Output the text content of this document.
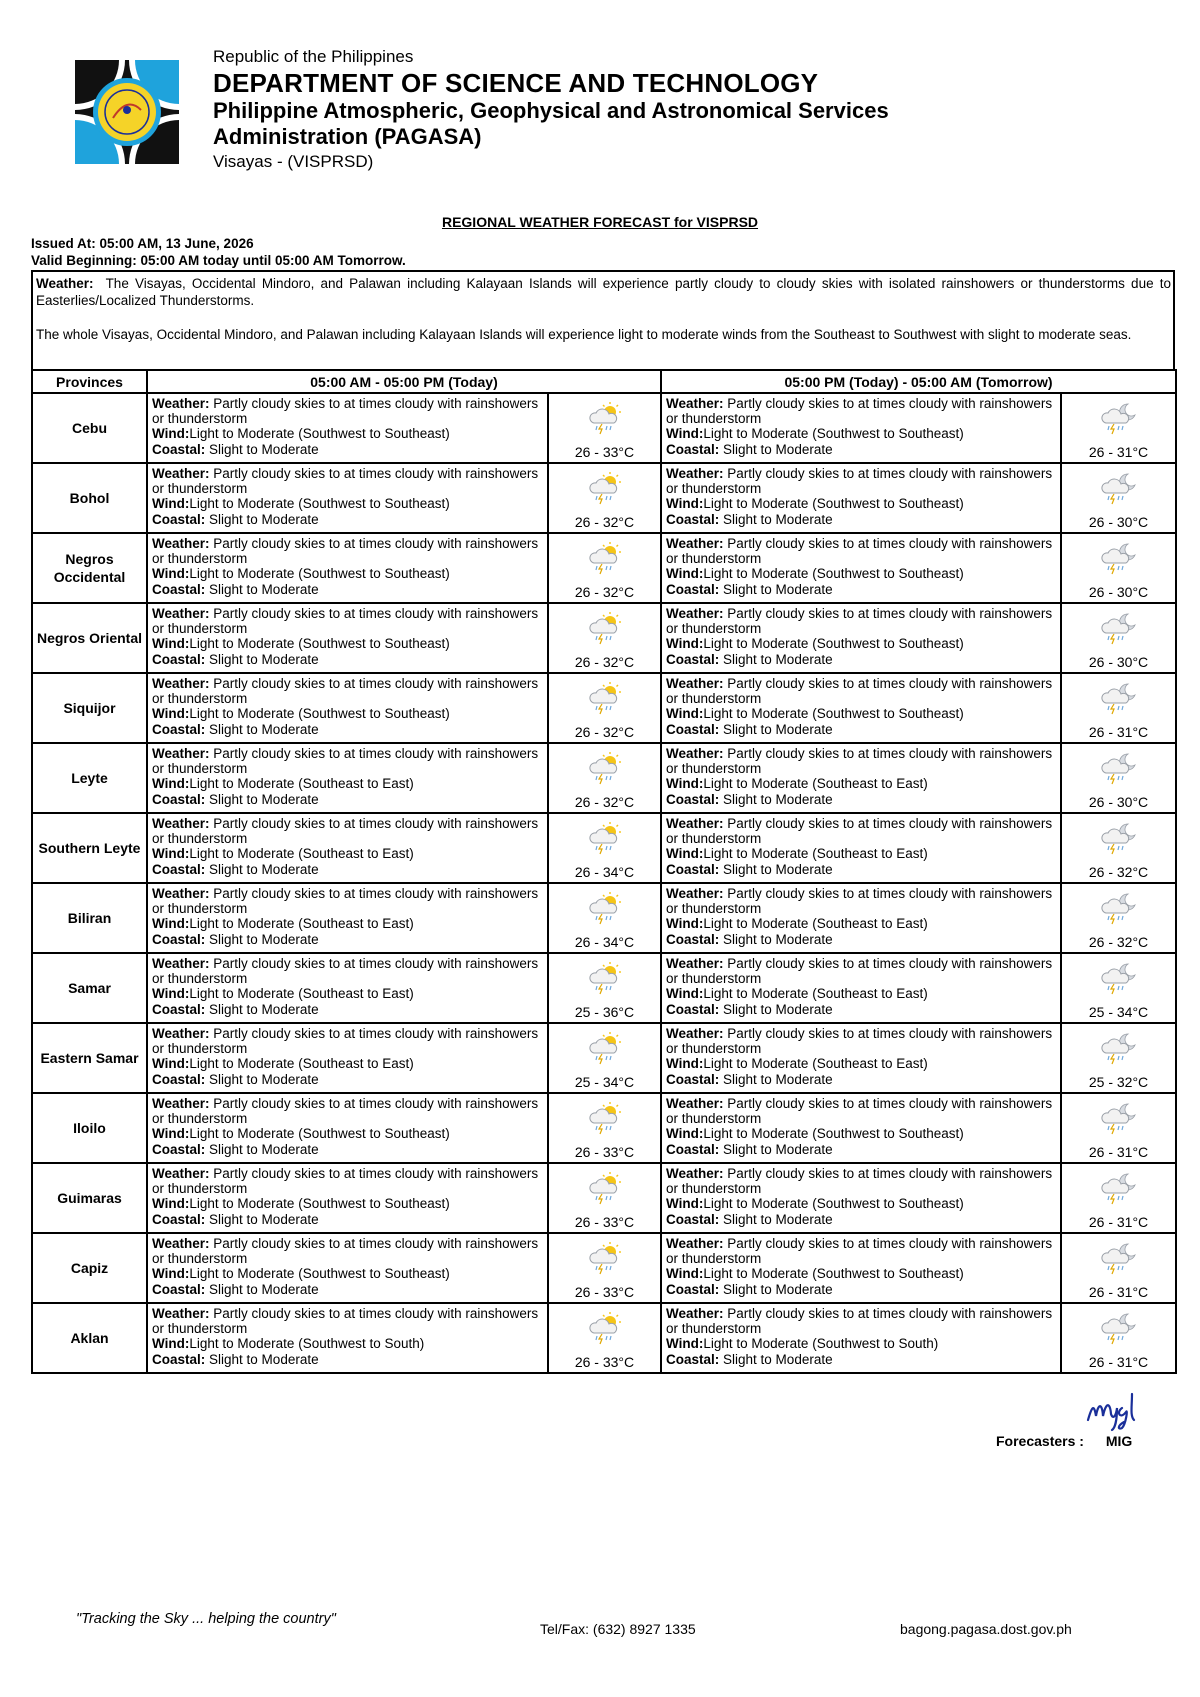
Republic of the Philippines
DEPARTMENT OF SCIENCE AND TECHNOLOGY
Philippine Atmospheric, Geophysical and Astronomical Services
Administration (PAGASA)
Visayas - (VISPRSD)
REGIONAL WEATHER FORECAST for VISPRSD
Issued At: 05:00 AM, 13 June, 2026
Valid Beginning: 05:00 AM today until 05:00 AM Tomorrow.

Weather: The Visayas, Occidental Mindoro, and Palawan including Kalayaan Islands will experience partly cloudy to cloudy skies with isolated rainshowers or thunderstorms due to Easterlies/Localized Thunderstorms.

The whole Visayas, Occidental Mindoro, and Palawan including Kalayaan Islands will experience light to moderate winds from the Southeast to Southwest with slight to moderate seas.

Provinces	05:00 AM - 05:00 PM (Today)		05:00 PM (Today) - 05:00 AM (Tomorrow)	
Cebu	Weather: Partly cloudy skies to at times cloudy with rainshowers or thunderstorm
Wind:Light to Moderate (Southwest to Southeast)
Coastal: Slight to Moderate	26 - 33°C	Weather: Partly cloudy skies to at times cloudy with rainshowers or thunderstorm
Wind:Light to Moderate (Southwest to Southeast)
Coastal: Slight to Moderate	26 - 31°C

Bohol	Weather: Partly cloudy skies to at times cloudy with rainshowers or thunderstorm
Wind:Light to Moderate (Southwest to Southeast)
Coastal: Slight to Moderate	26 - 32°C	Weather: Partly cloudy skies to at times cloudy with rainshowers or thunderstorm
Wind:Light to Moderate (Southwest to Southeast)
Coastal: Slight to Moderate	26 - 30°C

Negros Occidental	Weather: Partly cloudy skies to at times cloudy with rainshowers or thunderstorm
Wind:Light to Moderate (Southwest to Southeast)
Coastal: Slight to Moderate	26 - 32°C	Weather: Partly cloudy skies to at times cloudy with rainshowers or thunderstorm
Wind:Light to Moderate (Southwest to Southeast)
Coastal: Slight to Moderate	26 - 30°C

Negros Oriental	Weather: Partly cloudy skies to at times cloudy with rainshowers or thunderstorm
Wind:Light to Moderate (Southwest to Southeast)
Coastal: Slight to Moderate	26 - 32°C	Weather: Partly cloudy skies to at times cloudy with rainshowers or thunderstorm
Wind:Light to Moderate (Southwest to Southeast)
Coastal: Slight to Moderate	26 - 30°C

Siquijor	Weather: Partly cloudy skies to at times cloudy with rainshowers or thunderstorm
Wind:Light to Moderate (Southwest to Southeast)
Coastal: Slight to Moderate	26 - 32°C	Weather: Partly cloudy skies to at times cloudy with rainshowers or thunderstorm
Wind:Light to Moderate (Southwest to Southeast)
Coastal: Slight to Moderate	26 - 31°C

Leyte	Weather: Partly cloudy skies to at times cloudy with rainshowers or thunderstorm
Wind:Light to Moderate (Southeast to East)
Coastal: Slight to Moderate	26 - 32°C	Weather: Partly cloudy skies to at times cloudy with rainshowers or thunderstorm
Wind:Light to Moderate (Southeast to East)
Coastal: Slight to Moderate	26 - 30°C

Southern Leyte	Weather: Partly cloudy skies to at times cloudy with rainshowers or thunderstorm
Wind:Light to Moderate (Southeast to East)
Coastal: Slight to Moderate	26 - 34°C	Weather: Partly cloudy skies to at times cloudy with rainshowers or thunderstorm
Wind:Light to Moderate (Southeast to East)
Coastal: Slight to Moderate	26 - 32°C

Biliran	Weather: Partly cloudy skies to at times cloudy with rainshowers or thunderstorm
Wind:Light to Moderate (Southeast to East)
Coastal: Slight to Moderate	26 - 34°C	Weather: Partly cloudy skies to at times cloudy with rainshowers or thunderstorm
Wind:Light to Moderate (Southeast to East)
Coastal: Slight to Moderate	26 - 32°C

Samar	Weather: Partly cloudy skies to at times cloudy with rainshowers or thunderstorm
Wind:Light to Moderate (Southeast to East)
Coastal: Slight to Moderate	25 - 36°C	Weather: Partly cloudy skies to at times cloudy with rainshowers or thunderstorm
Wind:Light to Moderate (Southeast to East)
Coastal: Slight to Moderate	25 - 34°C

Eastern Samar	Weather: Partly cloudy skies to at times cloudy with rainshowers or thunderstorm
Wind:Light to Moderate (Southeast to East)
Coastal: Slight to Moderate	25 - 34°C	Weather: Partly cloudy skies to at times cloudy with rainshowers or thunderstorm
Wind:Light to Moderate (Southeast to East)
Coastal: Slight to Moderate	25 - 32°C

Iloilo	Weather: Partly cloudy skies to at times cloudy with rainshowers or thunderstorm
Wind:Light to Moderate (Southwest to Southeast)
Coastal: Slight to Moderate	26 - 33°C	Weather: Partly cloudy skies to at times cloudy with rainshowers or thunderstorm
Wind:Light to Moderate (Southwest to Southeast)
Coastal: Slight to Moderate	26 - 31°C

Guimaras	Weather: Partly cloudy skies to at times cloudy with rainshowers or thunderstorm
Wind:Light to Moderate (Southwest to Southeast)
Coastal: Slight to Moderate	26 - 33°C	Weather: Partly cloudy skies to at times cloudy with rainshowers or thunderstorm
Wind:Light to Moderate (Southwest to Southeast)
Coastal: Slight to Moderate	26 - 31°C

Capiz	Weather: Partly cloudy skies to at times cloudy with rainshowers or thunderstorm
Wind:Light to Moderate (Southwest to Southeast)
Coastal: Slight to Moderate	26 - 33°C	Weather: Partly cloudy skies to at times cloudy with rainshowers or thunderstorm
Wind:Light to Moderate (Southwest to Southeast)
Coastal: Slight to Moderate	26 - 31°C

Aklan	Weather: Partly cloudy skies to at times cloudy with rainshowers or thunderstorm
Wind:Light to Moderate (Southwest to South)
Coastal: Slight to Moderate	26 - 33°C	Weather: Partly cloudy skies to at times cloudy with rainshowers or thunderstorm
Wind:Light to Moderate (Southwest to South)
Coastal: Slight to Moderate	26 - 31°C
Forecasters : MIG
"Tracking the Sky ... helping the country"
Tel/Fax: (632) 8927 1335	bagong.pagasa.dost.gov.ph
